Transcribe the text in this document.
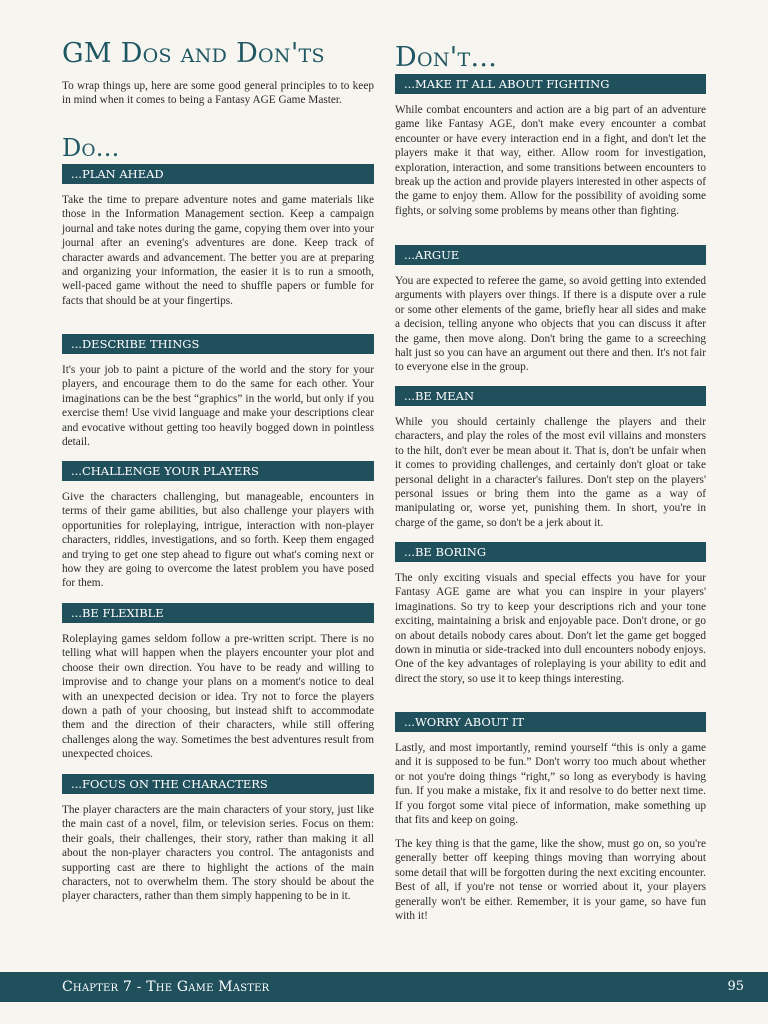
GM Dos and Don'ts

To wrap things up, here are some good general principles to to keep in mind when it comes to being a Fantasy AGE Game Master.

Do...
...PLAN AHEAD

Take the time to prepare adventure notes and game materials like those in the Information Management section. Keep a campaign journal and take notes during the game, copying them over into your journal after an evening's adventures are done. Keep track of character awards and advancement. The better you are at preparing and organizing your information, the easier it is to run a smooth, well-paced game without the need to shuffle papers or fumble for facts that should be at your fingertips.

...DESCRIBE THINGS

It's your job to paint a picture of the world and the story for your players, and encourage them to do the same for each other. Your imaginations can be the best “graphics” in the world, but only if you exercise them! Use vivid language and make your descriptions clear and evocative without getting too heavily bogged down in pointless detail.

...CHALLENGE YOUR PLAYERS

Give the characters challenging, but manageable, encounters in terms of their game abilities, but also challenge your players with opportunities for roleplaying, intrigue, interaction with non-player characters, riddles, investigations, and so forth. Keep them engaged and trying to get one step ahead to figure out what's coming next or how they are going to overcome the latest problem you have posed for them.

...BE FLEXIBLE

Roleplaying games seldom follow a pre-written script. There is no telling what will happen when the players encounter your plot and choose their own direction. You have to be ready and willing to improvise and to change your plans on a moment's notice to deal with an unexpected decision or idea. Try not to force the players down a path of your choosing, but instead shift to accommodate them and the direction of their characters, while still offering challenges along the way. Sometimes the best adventures result from unexpected choices.

...FOCUS ON THE CHARACTERS

The player characters are the main characters of your story, just like the main cast of a novel, film, or television series. Focus on them: their goals, their challenges, their story, rather than making it all about the non-player characters you control. The antagonists and supporting cast are there to highlight the actions of the main characters, not to overwhelm them. The story should be about the player characters, rather than them simply happening to be in it.

Don't...
...MAKE IT ALL ABOUT FIGHTING

While combat encounters and action are a big part of an adventure game like Fantasy AGE, don't make every encounter a combat encounter or have every interaction end in a fight, and don't let the players make it that way, either. Allow room for investigation, exploration, interaction, and some transitions between encounters to break up the action and provide players interested in other aspects of the game to enjoy them. Allow for the possibility of avoiding some fights, or solving some problems by means other than fighting.

...ARGUE

You are expected to referee the game, so avoid getting into extended arguments with players over things. If there is a dispute over a rule or some other elements of the game, briefly hear all sides and make a decision, telling anyone who objects that you can discuss it after the game, then move along. Don't bring the game to a screeching halt just so you can have an argument out there and then. It's not fair to everyone else in the group.

...BE MEAN

While you should certainly challenge the players and their characters, and play the roles of the most evil villains and monsters to the hilt, don't ever be mean about it. That is, don't be unfair when it comes to providing challenges, and certainly don't gloat or take personal delight in a character's failures. Don't step on the players' personal issues or bring them into the game as a way of manipulating or, worse yet, punishing them. In short, you're in charge of the game, so don't be a jerk about it.

...BE BORING

The only exciting visuals and special effects you have for your Fantasy AGE game are what you can inspire in your players' imaginations. So try to keep your descriptions rich and your tone exciting, maintaining a brisk and enjoyable pace. Don't drone, or go on about details nobody cares about. Don't let the game get bogged down in minutia or side-tracked into dull encounters nobody enjoys. One of the key advantages of roleplaying is your ability to edit and direct the story, so use it to keep things interesting.

...WORRY ABOUT IT

Lastly, and most importantly, remind yourself “this is only a game and it is supposed to be fun.” Don't worry too much about whether or not you're doing things “right,” so long as everybody is having fun. If you make a mistake, fix it and resolve to do better next time. If you forgot some vital piece of information, make something up that fits and keep on going.

The key thing is that the game, like the show, must go on, so you're generally better off keeping things moving than worrying about some detail that will be forgotten during the next exciting encounter. Best of all, if you're not tense or worried about it, your players generally won't be either. Remember, it is your game, so have fun with it!

Chapter 7 - The Game Master	95
